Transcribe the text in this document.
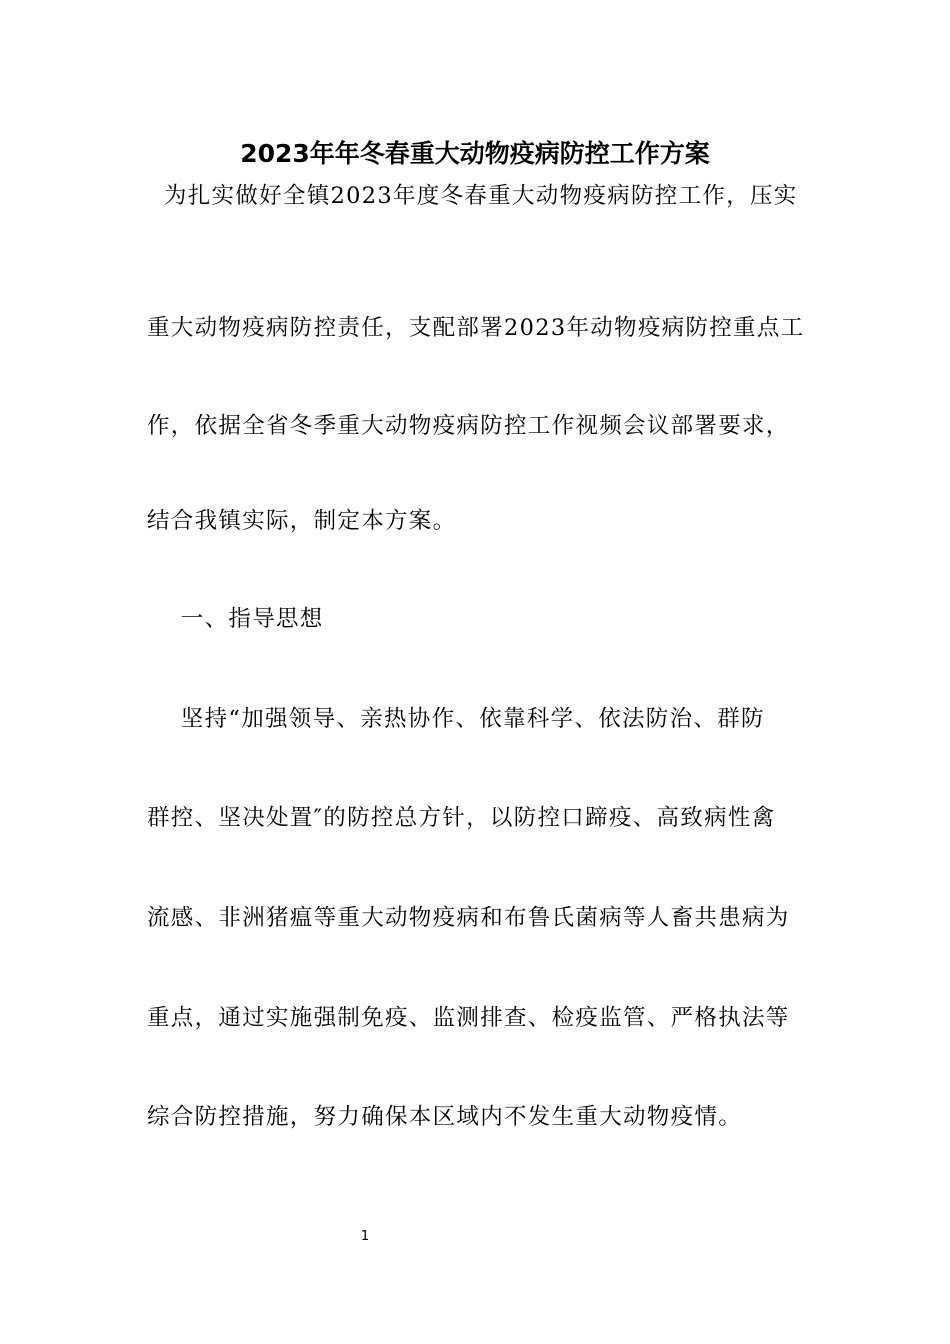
2023年年冬春重大动物疫病防控工作方案
为扎实做好全镇2023年度冬春重大动物疫病防控工作，压实
重大动物疫病防控责任，支配部署2023年动物疫病防控重点工
作，依据全省冬季重大动物疫病防控工作视频会议部署要求，
结合我镇实际，制定本方案。
一、指导思想
坚持“加强领导、亲热协作、依靠科学、依法防治、群防
群控、坚决处置″的防控总方针，以防控口蹄疫、高致病性禽
流感、非洲猪瘟等重大动物疫病和布鲁氏菌病等人畜共患病为
重点，通过实施强制免疫、监测排查、检疫监管、严格执法等
综合防控措施，努力确保本区域内不发生重大动物疫情。
1
